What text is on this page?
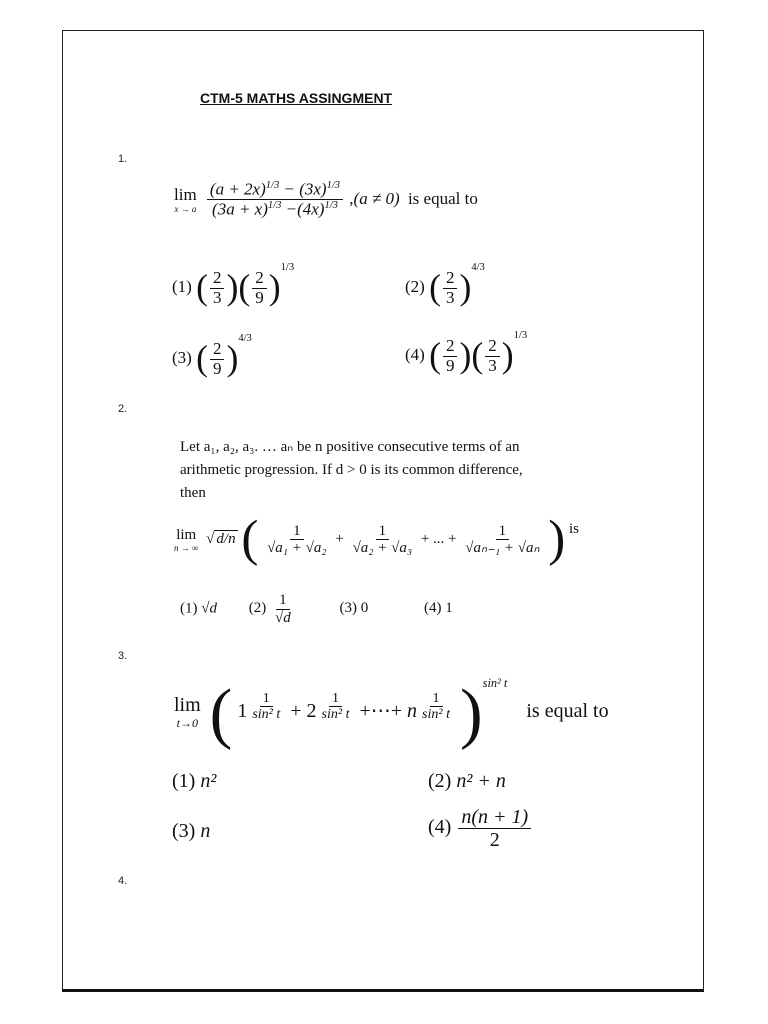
CTM-5 MATHS ASSINGMENT
1.
lim
x → a
$\frac{(a + 2x)^{1/3} - (3x)^{1/3}}{(3a + x)^{1/3} -(4x)^{1/3}} ,(a \ne 0)$ is equal to
(1) ( $\frac{2}{3}$ )( $\frac{2}{9} )^{1/3}$
(2) ( $\frac{2}{3} )^{4/3}$
(3) ( $\frac{2}{9} )^{4/3}$
(4) ( $\frac{2}{9}$ )( $\frac{2}{3} )^{1/3}$
2.
Let a₁, a₂, a₃. … aₙ be n positive consecutive terms of an
arithmetic progression. If d > 0 is its common difference,
then
lim
n → ∞
√ d/n ( $\frac{1}{\text{√a₁ + √a₂}} + \frac{1}{\text{√a₂ + √a₃}}$ + ... + $\frac{1}{\text{√aₙ₋₁ + √aₙ}}$ ) is
(1) √d $(2) \frac{1}{√d}$	(3) 0	(4) 1
3.
lim
t→0 ( 1 $^{\frac{1}{\text{sin² t}}}$ + 2 $^{\frac{1}{\text{sin² t}}}$ +⋯+ n $^{\frac{1}{\text{sin² t}}}$ )$^{sin^2 t}$ is equal to
(1) n²	(2) n² + n
(3) n	$(4) \frac{n(n + 1)}{2}$
4.
